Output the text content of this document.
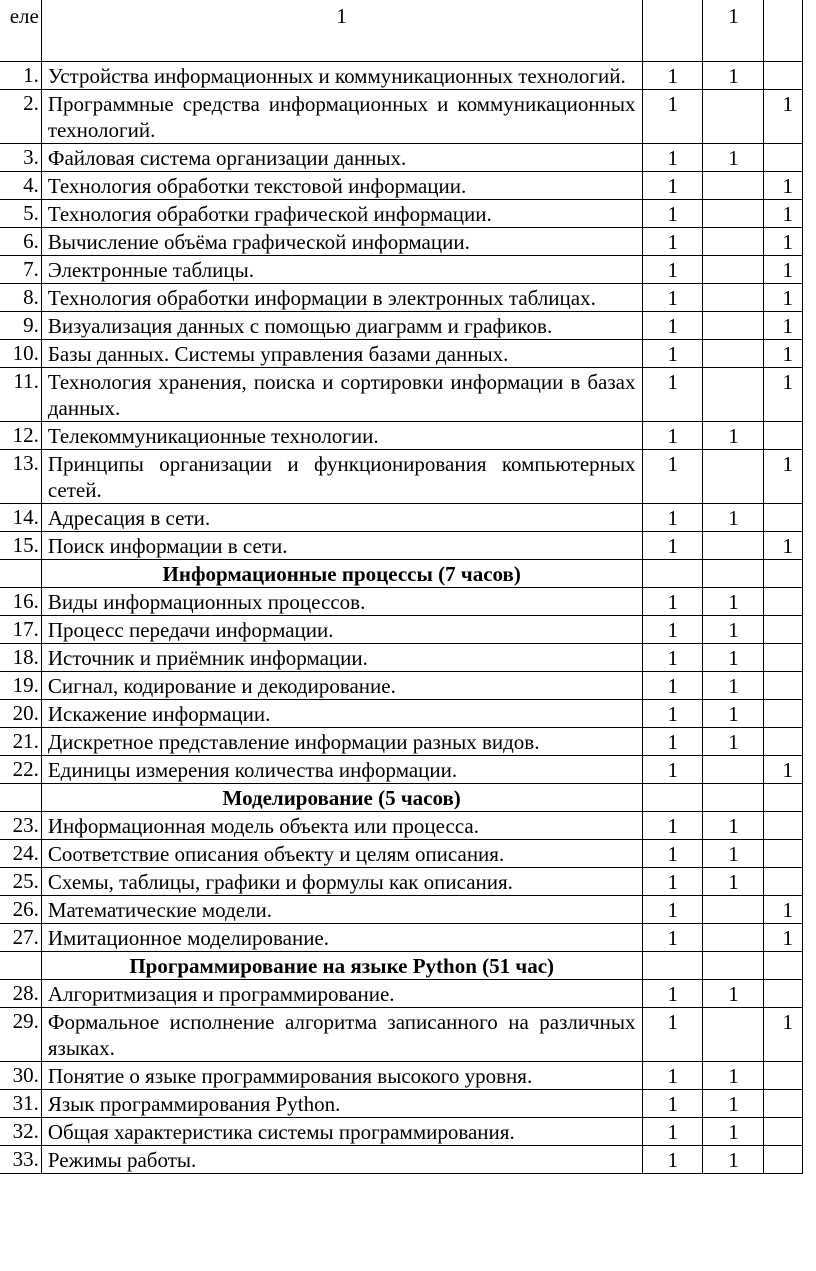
еле	1		1	
1.	Устройства информационных и коммуникационных технологий.	1	1	
2.	Программные средства информационных и коммуникационных технологий.	1		1
3.	Файловая система организации данных.	1	1	
4.	Технология обработки текстовой информации.	1		1
5.	Технология обработки графической информации.	1		1
6.	Вычисление объёма графической информации.	1		1
7.	Электронные таблицы.	1		1
8.	Технология обработки информации в электронных таблицах.	1		1
9.	Визуализация данных с помощью диаграмм и графиков.	1		1
10.	Базы данных. Системы управления базами данных.	1		1
11.	Технология хранения, поиска и сортировки информации в базах данных.	1		1
12.	Телекоммуникационные технологии.	1	1	
13.	Принципы организации и функционирования компьютерных сетей.	1		1
14.	Адресация в сети.	1	1	
15.	Поиск информации в сети.	1		1
	Информационные процессы (7 часов)			
16.	Виды информационных процессов.	1	1	
17.	Процесс передачи информации.	1	1	
18.	Источник и приёмник информации.	1	1	
19.	Сигнал, кодирование и декодирование.	1	1	
20.	Искажение информации.	1	1	
21.	Дискретное представление информации разных видов.	1	1	
22.	Единицы измерения количества информации.	1		1
	Моделирование (5 часов)			
23.	Информационная модель объекта или процесса.	1	1	
24.	Соответствие описания объекту и целям описания.	1	1	
25.	Схемы, таблицы, графики и формулы как описания.	1	1	
26.	Математические модели.	1		1
27.	Имитационное моделирование.	1		1
	Программирование на языке Python (51 час)			
28.	Алгоритмизация и программирование.	1	1	
29.	Формальное исполнение алгоритма записанного на различных языках.	1		1
30.	Понятие о языке программирования высокого уровня.	1	1	
31.	Язык программирования Python.	1	1	
32.	Общая характеристика системы программирования.	1	1	
33.	Режимы работы.	1	1	
